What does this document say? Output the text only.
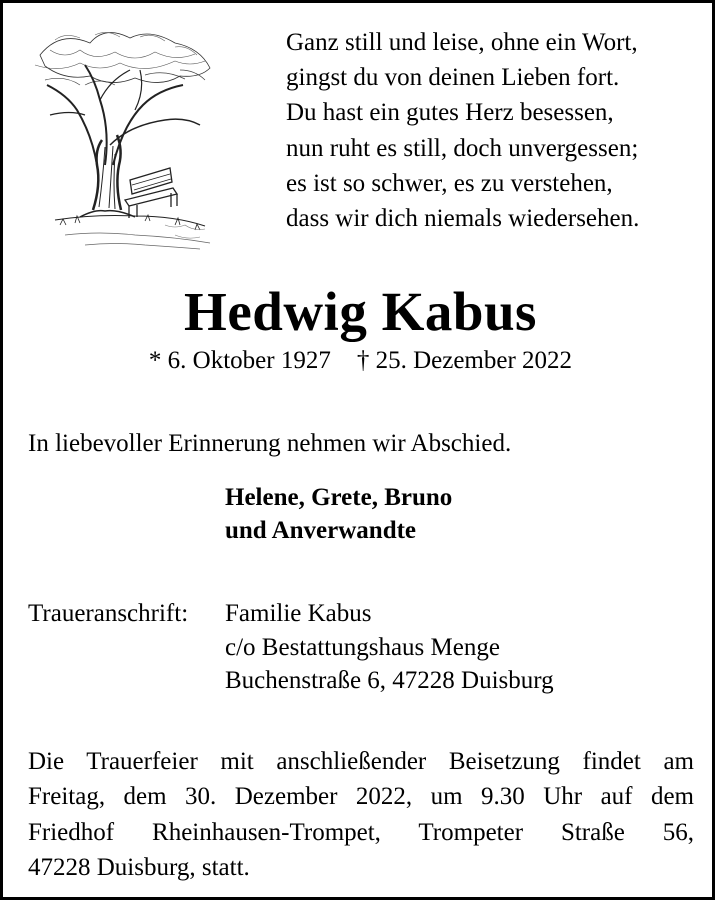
Ganz still und leise, ohne ein Wort,
gingst du von deinen Lieben fort.
Du hast ein gutes Herz besessen,
nun ruht es still, doch unvergessen;
es ist so schwer, es zu verstehen,
dass wir dich niemals wiedersehen.
Hedwig Kabus
* 6. Oktober 1927 † 25. Dezember 2022
In liebevoller Erinnerung nehmen wir Abschied.
Helene, Grete, Bruno
und Anverwandte
Traueranschrift: Familie Kabus
c/o Bestattungshaus Menge
Buchenstraße 6, 47228 Duisburg
Die Trauerfeier mit anschließender Beisetzung findet am
Freitag, dem 30. Dezember 2022, um 9.30 Uhr auf dem
Friedhof Rheinhausen-Trompet, Trompeter Straße 56,
47228 Duisburg, statt.
